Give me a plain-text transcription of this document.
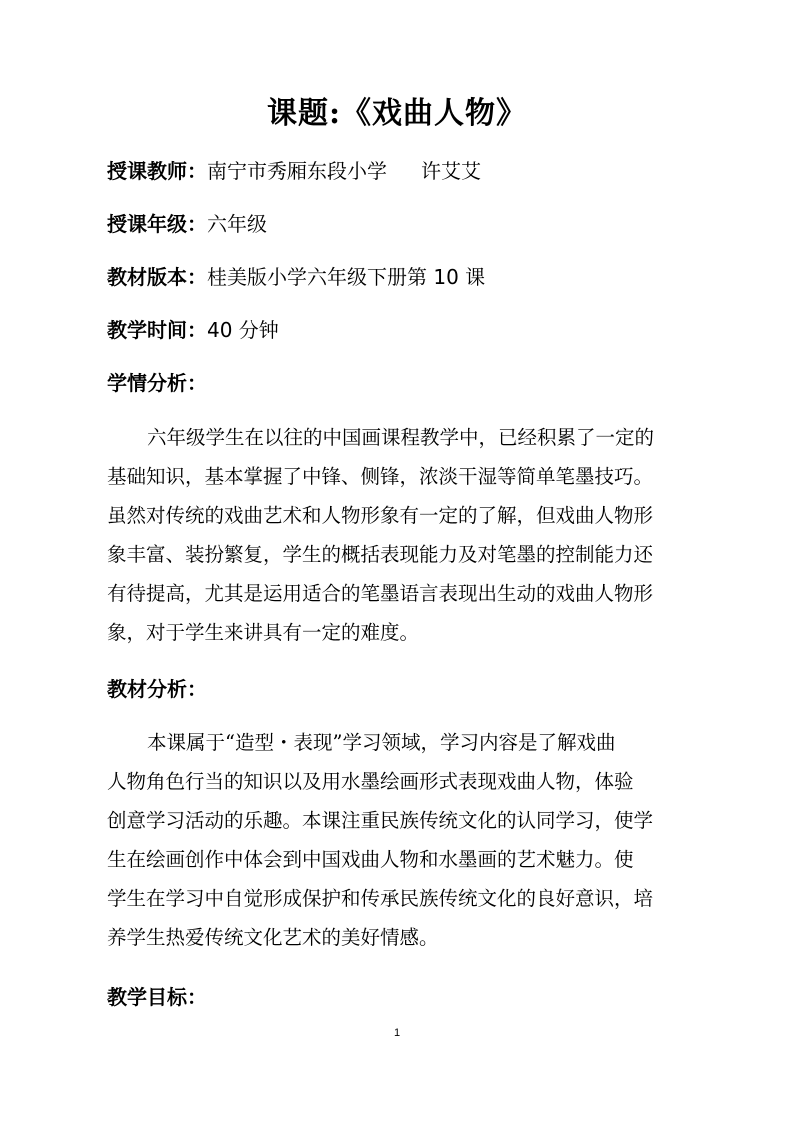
课题:《戏曲人物》
授课教师：南宁市秀厢东段小学 许艾艾
授课年级：六年级
教材版本：桂美版小学六年级下册第 10 课
教学时间：40 分钟
学情分析：

六年级学生在以往的中国画课程教学中，已经积累了一定的
基础知识，基本掌握了中锋、侧锋，浓淡干湿等简单笔墨技巧。
虽然对传统的戏曲艺术和人物形象有一定的了解，但戏曲人物形
象丰富、装扮繁复，学生的概括表现能力及对笔墨的控制能力还
有待提高，尤其是运用适合的笔墨语言表现出生动的戏曲人物形
象，对于学生来讲具有一定的难度。

教材分析：

本课属于“造型・表现”学习领域，学习内容是了解戏曲
人物角色行当的知识以及用水墨绘画形式表现戏曲人物，体验
创意学习活动的乐趣。本课注重民族传统文化的认同学习，使学
生在绘画创作中体会到中国戏曲人物和水墨画的艺术魅力。使
学生在学习中自觉形成保护和传承民族传统文化的良好意识，培
养学生热爱传统文化艺术的美好情感。

教学目标：
1
